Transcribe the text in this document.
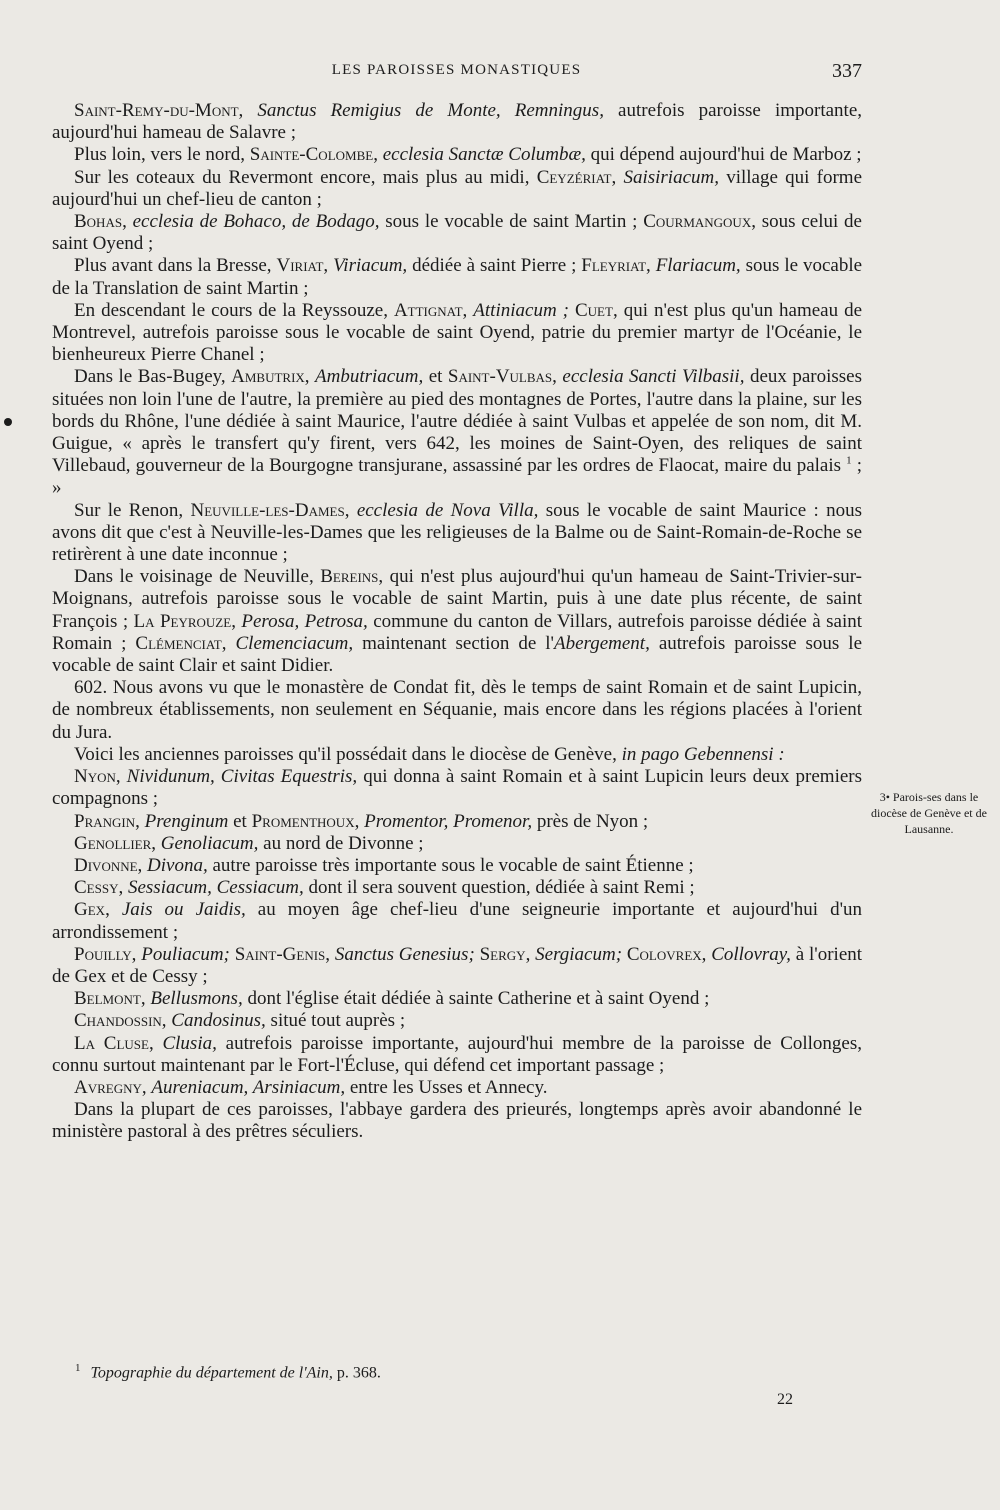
LES PAROISSES MONASTIQUES	337

Saint-Remy-du-Mont, Sanctus Remigius de Monte, Remningus, autrefois paroisse importante, aujourd'hui hameau de Salavre ;

Plus loin, vers le nord, Sainte-Colombe, ecclesia Sanctæ Columbæ, qui dépend aujourd'hui de Marboz ;

Sur les coteaux du Revermont encore, mais plus au midi, Ceyzériat, Saisiriacum, village qui forme aujourd'hui un chef-lieu de canton ;

Bohas, ecclesia de Bohaco, de Bodago, sous le vocable de saint Martin ; Courmangoux, sous celui de saint Oyend ;

Plus avant dans la Bresse, Viriat, Viriacum, dédiée à saint Pierre ; Fleyriat, Flariacum, sous le vocable de la Translation de saint Martin ;

En descendant le cours de la Reyssouze, Attignat, Attiniacum ; Cuet, qui n'est plus qu'un hameau de Montrevel, autrefois paroisse sous le vocable de saint Oyend, patrie du premier martyr de l'Océanie, le bienheureux Pierre Chanel ;

Dans le Bas-Bugey, Ambutrix, Ambutriacum, et Saint-Vulbas, ecclesia Sancti Vilbasii, deux paroisses situées non loin l'une de l'autre, la première au pied des montagnes de Portes, l'autre dans la plaine, sur les bords du Rhône, l'une dédiée à saint Maurice, l'autre dédiée à saint Vulbas et appelée de son nom, dit M. Guigue, « après le transfert qu'y firent, vers 642, les moines de Saint-Oyen, des reliques de saint Villebaud, gouverneur de la Bourgogne transjurane, assassiné par les ordres de Flaocat, maire du palais $^1$ ; »

Sur le Renon, Neuville-les-Dames, ecclesia de Nova Villa, sous le vocable de saint Maurice : nous avons dit que c'est à Neuville-les-Dames que les religieuses de la Balme ou de Saint-Romain-de-Roche se retirèrent à une date inconnue ;

Dans le voisinage de Neuville, Bereins, qui n'est plus aujourd'hui qu'un hameau de Saint-Trivier-sur-Moignans, autrefois paroisse sous le vocable de saint Martin, puis à une date plus récente, de saint François ; La Peyrouze, Perosa, Petrosa, commune du canton de Villars, autrefois paroisse dédiée à saint Romain ; Clémenciat, Clemenciacum, maintenant section de l'Abergement, autrefois paroisse sous le vocable de saint Clair et saint Didier.

602. Nous avons vu que le monastère de Condat fit, dès le temps de saint Romain et de saint Lupicin, de nombreux établissements, non seulement en Séquanie, mais encore dans les régions placées à l'orient du Jura.

Voici les anciennes paroisses qu'il possédait dans le diocèse de Genève, in pago Gebennensi :

Nyon, Nividunum, Civitas Equestris, qui donna à saint Romain et à saint Lupicin leurs deux premiers compagnons ;

Prangin, Prenginum et Promenthoux, Promentor, Promenor, près de Nyon ;

Genollier, Genoliacum, au nord de Divonne ;

Divonne, Divona, autre paroisse très importante sous le vocable de saint Étienne ;

Cessy, Sessiacum, Cessiacum, dont il sera souvent question, dédiée à saint Remi ;

Gex, Jais ou Jaidis, au moyen âge chef-lieu d'une seigneurie importante et aujourd'hui d'un arrondissement ;

Pouilly, Pouliacum; Saint-Genis, Sanctus Genesius; Sergy, Sergiacum; Colovrex, Collovray, à l'orient de Gex et de Cessy ;

Belmont, Bellusmons, dont l'église était dédiée à sainte Catherine et à saint Oyend ;

Chandossin, Candosinus, situé tout auprès ;

La Cluse, Clusia, autrefois paroisse importante, aujourd'hui membre de la paroisse de Collonges, connu surtout maintenant par le Fort-l'Écluse, qui défend cet important passage ;

Avregny, Aureniacum, Arsiniacum, entre les Usses et Annecy.

Dans la plupart de ces paroisses, l'abbaye gardera des prieurés, longtemps après avoir abandonné le ministère pastoral à des prêtres séculiers.

3• Parois-ses dans le diocèse de Genève et de Lausanne.
$^1$ Topographie du département de l'Ain, p. 368.
22
